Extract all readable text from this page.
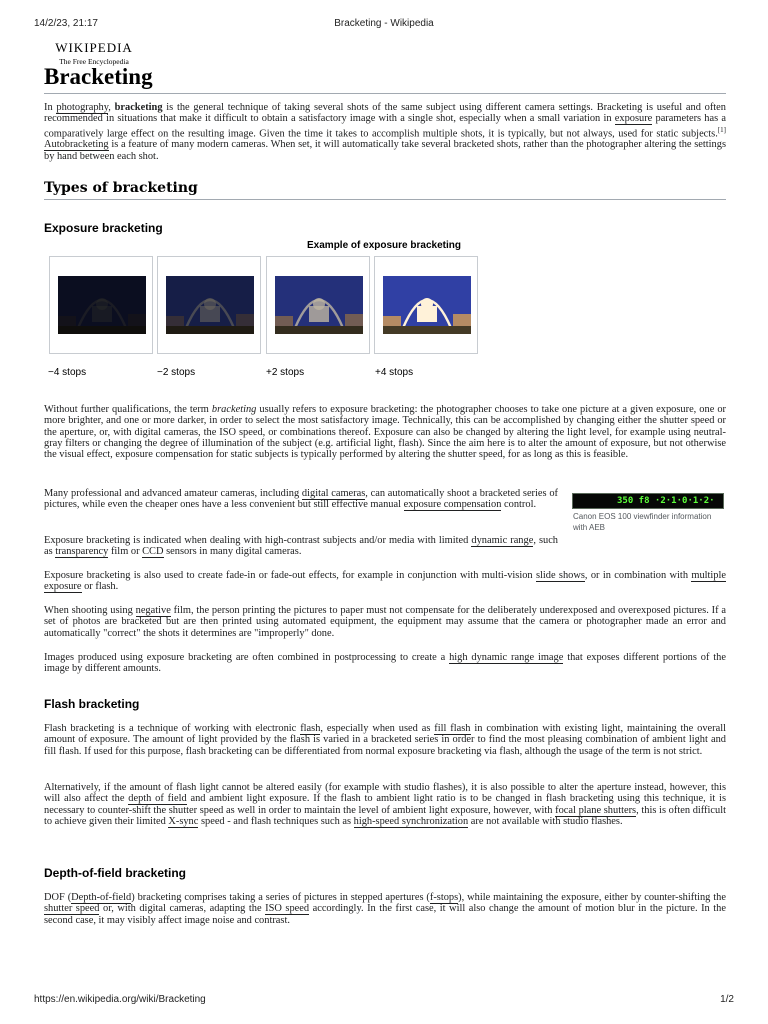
14/2/23, 21:17	Bracketing - Wikipedia
WIKIPEDIA
The Free Encyclopedia
Bracketing

In photography, bracketing is the general technique of taking several shots of the same subject using different camera settings. Bracketing is useful and often recommended in situations that make it difficult to obtain a satisfactory image with a single shot, especially when a small variation in exposure parameters has a comparatively large effect on the resulting image. Given the time it takes to accomplish multiple shots, it is typically, but not always, used for static subjects.[1] Autobracketing is a feature of many modern cameras. When set, it will automatically take several bracketed shots, rather than the photographer altering the settings by hand between each shot.

Types of bracketing
Exposure bracketing
Example of exposure bracketing
−4 stops	−2 stops	+2 stops	+4 stops

Without further qualifications, the term bracketing usually refers to exposure bracketing: the photographer chooses to take one picture at a given exposure, one or more brighter, and one or more darker, in order to select the most satisfactory image. Technically, this can be accomplished by changing either the shutter speed or the aperture, or, with digital cameras, the ISO speed, or combinations thereof. Exposure can also be changed by altering the light level, for example using neutral-gray filters or changing the degree of illumination of the subject (e.g. artificial light, flash). Since the aim here is to alter the amount of exposure, but not otherwise the visual effect, exposure compensation for static subjects is typically performed by altering the shutter speed, for as long as this is feasible.

Many professional and advanced amateur cameras, including digital cameras, can automatically shoot a bracketed series of pictures, while even the cheaper ones have a less convenient but still effective manual exposure compensation control.	350 f8 ·2·1·0·1·2·
Canon EOS 100 viewfinder information with AEB

Exposure bracketing is indicated when dealing with high-contrast subjects and/or media with limited dynamic range, such as transparency film or CCD sensors in many digital cameras.

Exposure bracketing is also used to create fade-in or fade-out effects, for example in conjunction with multi-vision slide shows, or in combination with multiple exposure or flash.

When shooting using negative film, the person printing the pictures to paper must not compensate for the deliberately underexposed and overexposed pictures. If a set of photos are bracketed but are then printed using automated equipment, the equipment may assume that the camera or photographer made an error and automatically "correct" the shots it determines are "improperly" done.

Images produced using exposure bracketing are often combined in postprocessing to create a high dynamic range image that exposes different portions of the image by different amounts.

Flash bracketing

Flash bracketing is a technique of working with electronic flash, especially when used as fill flash in combination with existing light, maintaining the overall amount of exposure. The amount of light provided by the flash is varied in a bracketed series in order to find the most pleasing combination of ambient light and fill flash. If used for this purpose, flash bracketing can be differentiated from normal exposure bracketing via flash, although the usage of the term is not strict.

Alternatively, if the amount of flash light cannot be altered easily (for example with studio flashes), it is also possible to alter the aperture instead, however, this will also affect the depth of field and ambient light exposure. If the flash to ambient light ratio is to be changed in flash bracketing using this technique, it is necessary to counter-shift the shutter speed as well in order to maintain the level of ambient light exposure, however, with focal plane shutters, this is often difficult to achieve given their limited X-sync speed - and flash techniques such as high-speed synchronization are not available with studio flashes.

Depth-of-field bracketing

DOF (Depth-of-field) bracketing comprises taking a series of pictures in stepped apertures (f-stops), while maintaining the exposure, either by counter-shifting the shutter speed or, with digital cameras, adapting the ISO speed accordingly. In the first case, it will also change the amount of motion blur in the picture. In the second case, it may visibly affect image noise and contrast.

https://en.wikipedia.org/wiki/Bracketing	1/2
